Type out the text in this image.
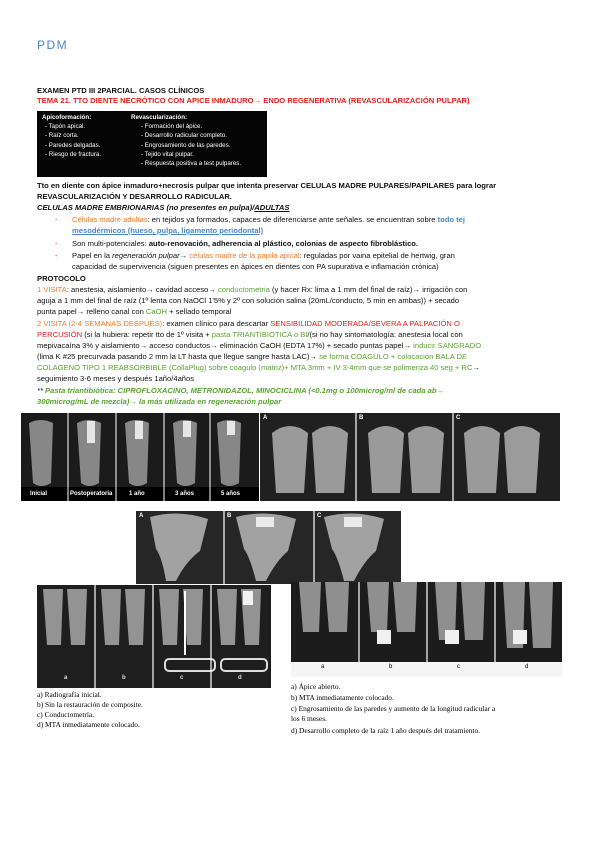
PDM
EXAMEN PTD III 2PARCIAL. CASOS CLÍNICOS
TEMA 21. TTO DIENTE NECRÓTICO CON APICE INMADURO→ ENDO REGENERATIVA (REVASCULARIZACIÓN PULPAR)
Apicoformación:
- Tapón apical.
- Raíz corta.
- Paredes delgadas.
- Riesgo de fractura.
Revascularización:
- Formación del ápice.
- Desarrollo radicular completo.
- Engrosamiento de las paredes.
- Tejido vital pulpar.
- Respuesta positiva a test pulpares.
Tto en diente con ápice inmaduro+necrosis pulpar que intenta preservar CELULAS MADRE PULPARES/PAPILARES para lograr
REVASCULARIZACIÓN Y DESARROLLO RADICULAR.
CELULAS MADRE EMBRIONARIAS (no presentes en pulpa)/ADULTAS
- Células madre adultas: en tejidos ya formados, capaces de diferenciarse ante señales. se encuentran sobre todo tej
mesodérmicos (hueso, pulpa, ligamento periodontal)
- Son multi-potenciales: auto-renovación, adherencia al plástico, colonias de aspecto fibroblástico.
- Papel en la regeneración pulpar→ células madre de la papila apical: reguladas por vaina epitelial de hertwig, gran
capacidad de supervivencia (siguen presentes en ápices en dientes con PA supurativa e inflamación crónica)
PROTOCOLO
1 VISITA: anestesia, aislamiento→ cavidad acceso→ conductometria (y hacer Rx: lima a 1 mm del final de raíz)→ irrigación con
aguja a 1 mm del final de raíz (1º lenta con NaOCl 1'5% y 2º con solución salina (20mL/conducto, 5 min en ambas)) + secado
punta papel→ relleno canal con CaOH + sellado temporal
2 VISITA (2-4 SEMANAS DESPUÉS): examen clínico para descartar SENSIBILIDAD MODERADA/SEVERA A PALPACIÓN O
PERCUSIÓN (si la hubiera: repetir tto de 1º visita + pasta TRIANTIBIOTICA o BI/(si no hay sintomatología: anestesia local con
mepivacaína 3% y aislamiento→ acceso conductos→ eliminación CaOH (EDTA 17%) + secado puntas papel→ inducir SANGRADO
(lima K #25 precurvada pasando 2 mm la LT hasta que llegue sangre hasta LAC)→ se forma COAGULO + colocación BALA DE
COLAGENO TIPO 1 REABSORBIBLE (CollaPlug) sobre coagulo (matriz)+ MTA 3mm + IV 3-4mm que se polimeriza 40 seg + RC→
seguimiento 3-6 meses y después 1año/4años
** Pasta triantibiótica: CIPROFLOXACINO, METRONIDAZOL, MINOCICLINA (<0.1mg o 100microg/ml de cada ab→
300microg/mL de mezcla)→ la más utilizada en regeneración pulpar
Inicial	Postoperatoria	1 año	3 años	5 años
A	B	C
A	B	C
a	b	c	d
a	b	c	d
a) Radiografía inicial.
b) Sin la restauración de composite.
c) Conductometría.
d) MTA inmediatamente colocado.
a) Ápice abierto.
b) MTA inmediatamente colocado.
c) Engrosamiento de las paredes y aumento de la longitud radicular a
los 6 meses.
d) Desarrollo completo de la raíz 1 año después del tratamiento.
